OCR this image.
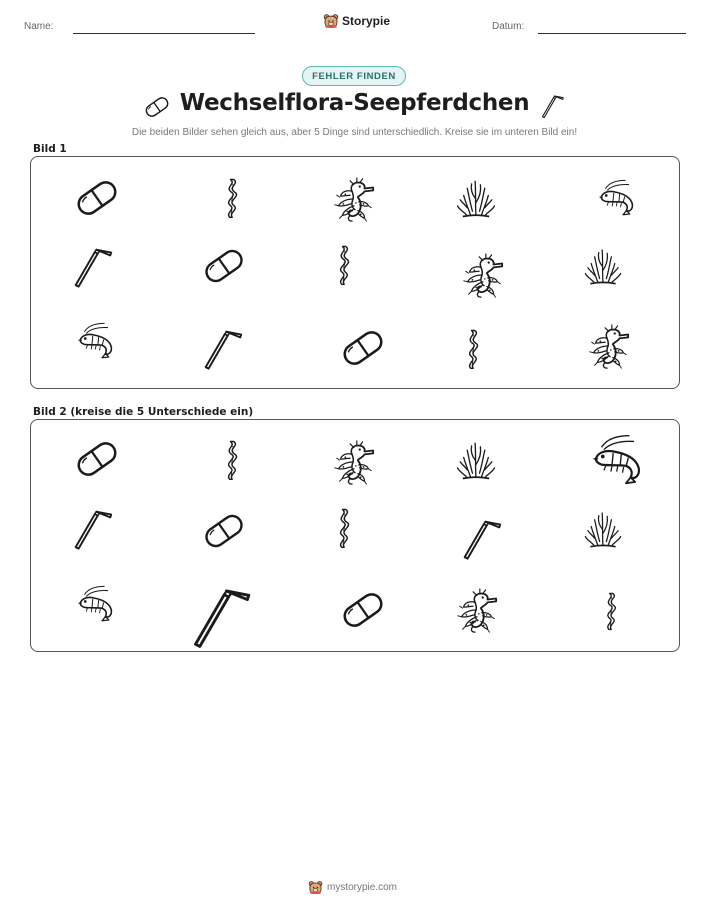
Name:	Storypie	Datum:
FEHLER FINDEN
Wechselflora-Seepferdchen
Die beiden Bilder sehen gleich aus, aber 5 Dinge sind unterschiedlich. Kreise sie im unteren Bild ein!
Bild 1
Bild 2 (kreise die 5 Unterschiede ein)
mystorypie.com
